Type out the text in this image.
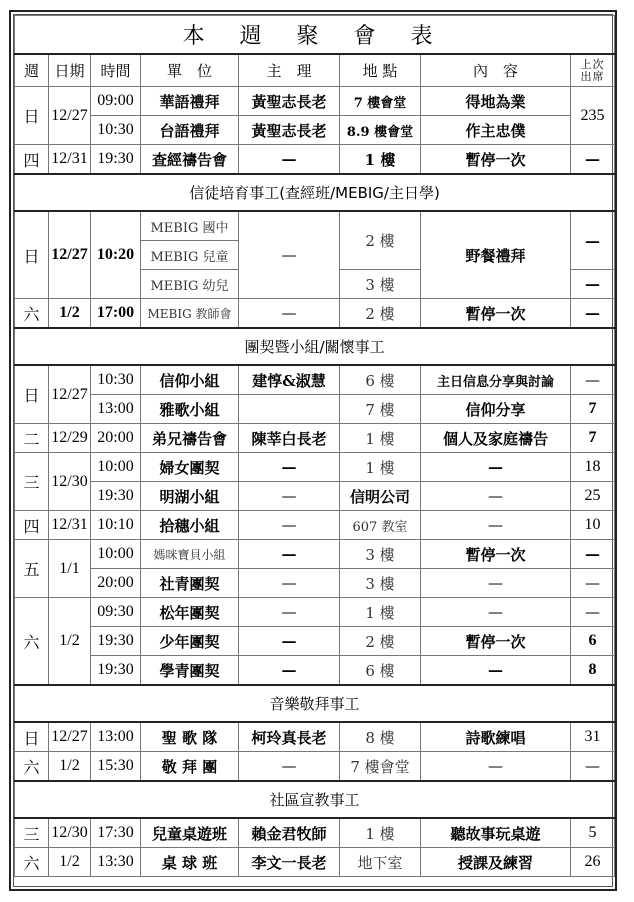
本 週 聚 會 表							
週	日期	時間	單　位	主　理	地 點	內　容	上次
出席

日	12/27	09:00	華語禮拜	黃聖志長老	7 樓會堂	得地為業	235
		10:30	台語禮拜	黃聖志長老	8.9 樓會堂	作主忠僕	
四	12/31	19:30	查經禱告會	—	1 樓	暫停一次	—
信徒培育事工(查經班/MEBIG/主日學)							
日	12/27	10:20	MEBIG 國中	—	2 樓	野餐禮拜	—
			MEBIG 兒童				
			MEBIG 幼兒		3 樓		—
六	1/2	17:00	MEBIG 教師會	—	2 樓	暫停一次	—
團契暨小組/關懷事工							
日	12/27	10:30	信仰小組	建惇&淑慧	6 樓	主日信息分享與討論	—
		13:00	雅歌小組		7 樓	信仰分享	7
二	12/29	20:00	弟兄禱告會	陳莘白長老	1 樓	個人及家庭禱告	7
三	12/30	10:00	婦女團契	—	1 樓	—	18
		19:30	明湖小組	—	信明公司	—	25
四	12/31	10:10	拾穗小組	—	607 教室	—	10
五	1/1	10:00	媽咪寶貝小組	—	3 樓	暫停一次	—
		20:00	社青團契	—	3 樓	—	—
六	1/2	09:30	松年團契	—	1 樓	—	—
		19:30	少年團契	—	2 樓	暫停一次	6
		19:30	學青團契	—	6 樓	—	8
音樂敬拜事工							
日	12/27	13:00	聖 歌 隊	柯玲真長老	8 樓	詩歌練唱	31
六	1/2	15:30	敬 拜 團	—	7 樓會堂	—	—
社區宣教事工							
三	12/30	17:30	兒童桌遊班	賴金君牧師	1 樓	聽故事玩桌遊	5
六	1/2	13:30	桌 球 班	李文一長老	地下室	授課及練習	26
